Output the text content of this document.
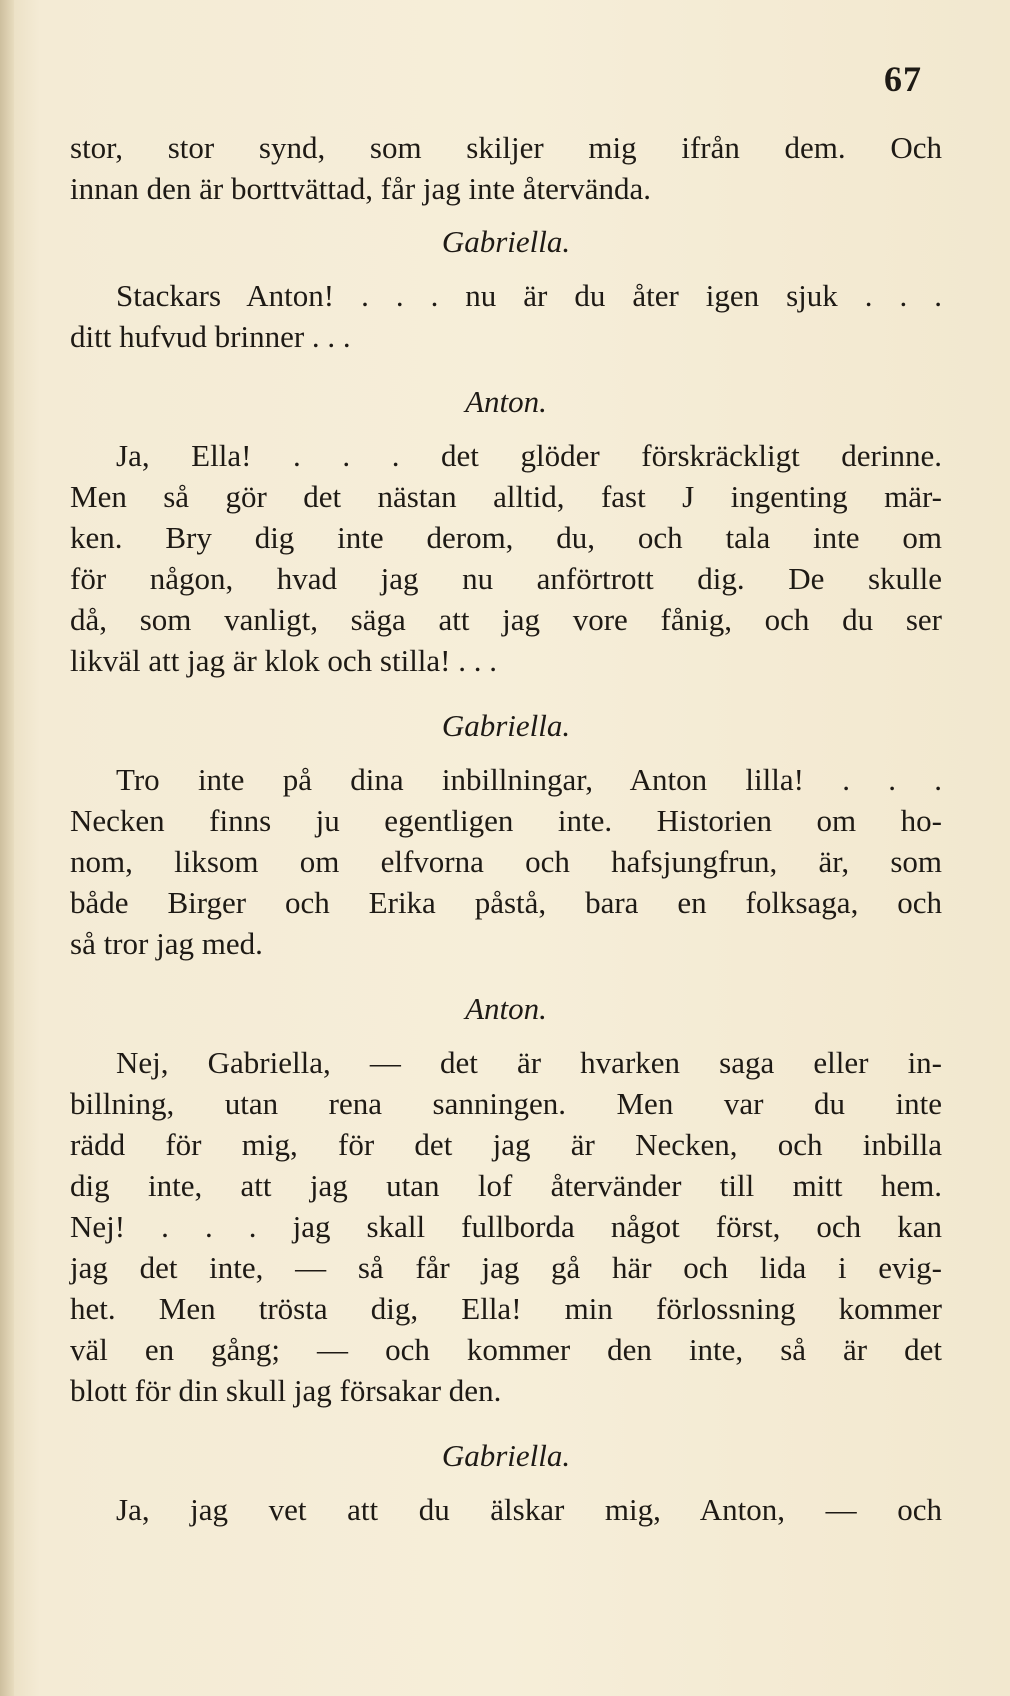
67
stor, stor synd, som skiljer mig ifrån dem. Och
innan den är borttvättad, får jag inte återvända.
Gabriella.
Stackars Anton! . . . nu är du åter igen sjuk . . .
ditt hufvud brinner . . .
Anton.
Ja, Ella! . . . det glöder förskräckligt derinne.
Men så gör det nästan alltid, fast J ingenting mär-
ken. Bry dig inte derom, du, och tala inte om
för någon, hvad jag nu anförtrott dig. De skulle
då, som vanligt, säga att jag vore fånig, och du ser
likväl att jag är klok och stilla! . . .
Gabriella.
Tro inte på dina inbillningar, Anton lilla! . . .
Necken finns ju egentligen inte. Historien om ho-
nom, liksom om elfvorna och hafsjungfrun, är, som
både Birger och Erika påstå, bara en folksaga, och
så tror jag med.
Anton.
Nej, Gabriella, — det är hvarken saga eller in-
billning, utan rena sanningen. Men var du inte
rädd för mig, för det jag är Necken, och inbilla
dig inte, att jag utan lof återvänder till mitt hem.
Nej! . . . jag skall fullborda något först, och kan
jag det inte, — så får jag gå här och lida i evig-
het. Men trösta dig, Ella! min förlossning kommer
väl en gång; — och kommer den inte, så är det
blott för din skull jag försakar den.
Gabriella.
Ja, jag vet att du älskar mig, Anton, — och
